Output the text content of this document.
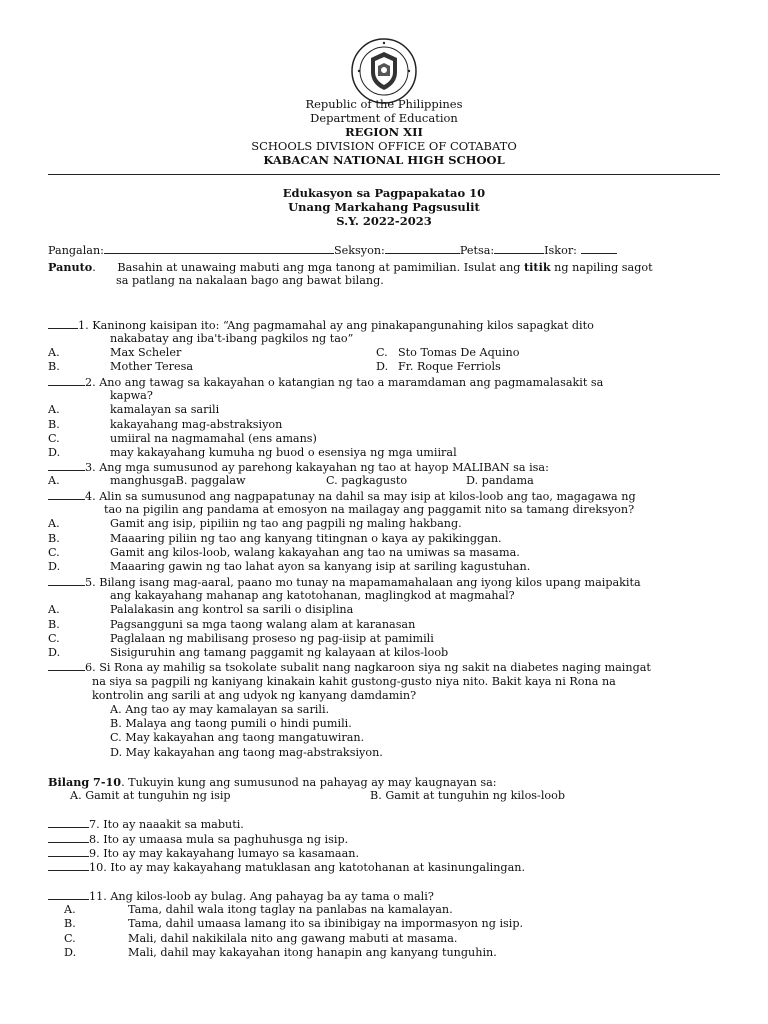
Republic of the Philippines
Department of Education
REGION XII
SCHOOLS DIVISION OFFICE OF COTABATO
KABACAN NATIONAL HIGH SCHOOL
Edukasyon sa Pagpapakatao 10
Unang Markahang Pagsusulit
S.Y. 2022-2023
Pangalan:	Seksyon:	Petsa:	Iskor:
Panuto. Basahin at unawaing mabuti ang mga tanong at pamimilian. Isulat ang titik ng napiling sagot
sa patlang na nakalaan bago ang bawat bilang.
1. Kaninong kaisipan ito: “Ang pagmamahal ay ang pinakapangunahing kilos sapagkat dito
nakabatay ang iba't-ibang pagkilos ng tao”
A.	Max Scheler	C. Sto Tomas De Aquino
B.	Mother Teresa	D. Fr. Roque Ferriols
2. Ano ang tawag sa kakayahan o katangian ng tao a maramdaman ang pagmamalasakit sa
kapwa?
A.	kamalayan sa sarili
B.	kakayahang mag-abstraksiyon
C.	umiiral na nagmamahal (ens amans)
D.	may kakayahang kumuha ng buod o esensiya ng mga umiiral
3. Ang mga sumusunod ay parehong kakayahan ng tao at hayop MALIBAN sa isa:
A.	manghusgaB. paggalaw	C. pagkagusto	D. pandama
4. Alin sa sumusunod ang nagpapatunay na dahil sa may isip at kilos-loob ang tao, magagawa ng
tao na pigilin ang pandama at emosyon na mailagay ang paggamit nito sa tamang direksyon?
A.	Gamit ang isip, pipiliin ng tao ang pagpili ng maling hakbang.
B.	Maaaring piliin ng tao ang kanyang titingnan o kaya ay pakikinggan.
C.	Gamit ang kilos-loob, walang kakayahan ang tao na umiwas sa masama.
D.	Maaaring gawin ng tao lahat ayon sa kanyang isip at sariling kagustuhan.
5. Bilang isang mag-aaral, paano mo tunay na mapamamahalaan ang iyong kilos upang maipakita
ang kakayahang mahanap ang katotohanan, maglingkod at magmahal?
A.	Palalakasin ang kontrol sa sarili o disiplina
B.	Pagsangguni sa mga taong walang alam at karanasan
C.	Paglalaan ng mabilisang proseso ng pag-iisip at pamimili
D.	Sisiguruhin ang tamang paggamit ng kalayaan at kilos-loob
6. Si Rona ay mahilig sa tsokolate subalit nang nagkaroon siya ng sakit na diabetes naging maingat
na siya sa pagpili ng kaniyang kinakain kahit gustong-gusto niya nito. Bakit kaya ni Rona na
kontrolin ang sarili at ang udyok ng kanyang damdamin?
A. Ang tao ay may kamalayan sa sarili.
B. Malaya ang taong pumili o hindi pumili.
C. May kakayahan ang taong mangatuwiran.
D. May kakayahan ang taong mag-abstraksiyon.
Bilang 7-10. Tukuyin kung ang sumusunod na pahayag ay may kaugnayan sa:
A. Gamit at tunguhin ng isip	B. Gamit at tunguhin ng kilos-loob
7. Ito ay naaakit sa mabuti.
8. Ito ay umaasa mula sa paghuhusga ng isip.
9. Ito ay may kakayahang lumayo sa kasamaan.
10. Ito ay may kakayahang matuklasan ang katotohanan at kasinungalingan.
11. Ang kilos-loob ay bulag. Ang pahayag ba ay tama o mali?
A.	Tama, dahil wala itong taglay na panlabas na kamalayan.
B.	Tama, dahil umaasa lamang ito sa ibinibigay na impormasyon ng isip.
C.	Mali, dahil nakikilala nito ang gawang mabuti at masama.
D.	Mali, dahil may kakayahan itong hanapin ang kanyang tunguhin.
